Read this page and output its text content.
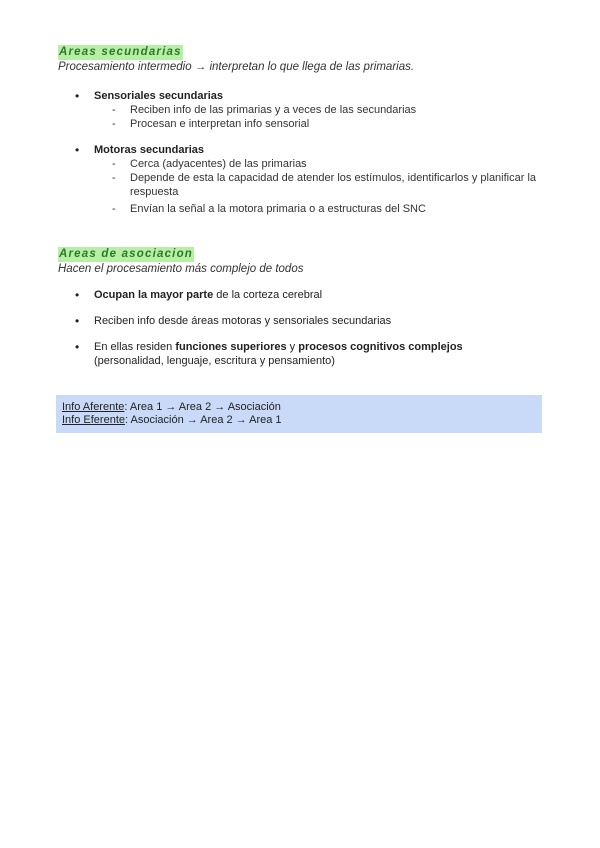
Areas secundarias
Procesamiento intermedio → interpretan lo que llega de las primarias.
• Sensoriales secundarias
- Reciben info de las primarias y a veces de las secundarias
- Procesan e interpretan info sensorial
• Motoras secundarias
- Cerca (adyacentes) de las primarias
- Depende de esta la capacidad de atender los estímulos, identificarlos y planificar la respuesta
- Envían la señal a la motora primaria o a estructuras del SNC
Areas de asociacion
Hacen el procesamiento más complejo de todos
• Ocupan la mayor parte de la corteza cerebral
• Reciben info desde áreas motoras y sensoriales secundarias
• En ellas residen funciones superiores y procesos cognitivos complejos
(personalidad, lenguaje, escritura y pensamiento)
Info Aferente: Area 1 → Area 2 → Asociación
Info Eferente: Asociación → Area 2 → Area 1
